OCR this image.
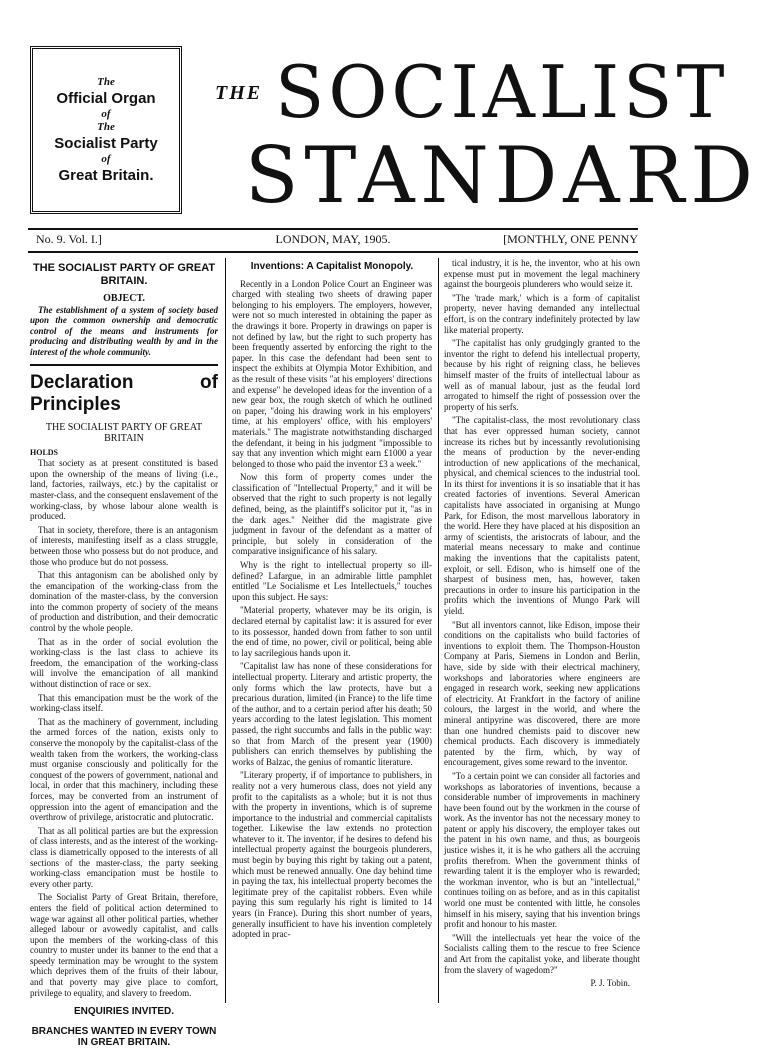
The
Official Organ
of
The
Socialist Party
of
Great Britain.
THE SOCIALIST
STANDARD
LONDON, MAY, 1905.
No. 9. Vol. I.]	[MONTHLY, ONE PENNY
THE SOCIALIST PARTY OF GREAT BRITAIN.
OBJECT.

The establishment of a system of society based upon the common ownership and democratic control of the means and instruments for producing and distributing wealth by and in the interest of the whole community.

Declaration of Principles
THE SOCIALIST PARTY OF GREAT BRITAIN
HOLDS

That society as at present constituted is based upon the ownership of the means of living (i.e., land, factories, railways, etc.) by the capitalist or master-class, and the consequent enslavement of the working-class, by whose labour alone wealth is produced.

That in society, therefore, there is an antagonism of interests, manifesting itself as a class struggle, between those who possess but do not produce, and those who produce but do not possess.

That this antagonism can be abolished only by the emancipation of the working-class from the domination of the master-class, by the conversion into the common property of society of the means of production and distribution, and their democratic control by the whole people.

That as in the order of social evolution the working-class is the last class to achieve its freedom, the emancipation of the working-class will involve the emancipation of all mankind without distinction of race or sex.

That this emancipation must be the work of the working-class itself.

That as the machinery of government, including the armed forces of the nation, exists only to conserve the monopoly by the capitalist-class of the wealth taken from the workers, the working-class must organise consciously and politically for the conquest of the powers of government, national and local, in order that this machinery, including these forces, may be converted from an instrument of oppression into the agent of emancipation and the overthrow of privilege, aristocratic and plutocratic.

That as all political parties are but the expression of class interests, and as the interest of the working-class is diametrically opposed to the interests of all sections of the master-class, the party seeking working-class emancipation must be hostile to every other party.

The Socialist Party of Great Britain, therefore, enters the field of political action determined to wage war against all other political parties, whether alleged labour or avowedly capitalist, and calls upon the members of the working-class of this country to muster under its banner to the end that a speedy termination may be wrought to the system which deprives them of the fruits of their labour, and that poverty may give place to comfort, privilege to equality, and slavery to freedom.

ENQUIRIES INVITED.
BRANCHES WANTED IN EVERY TOWN IN GREAT BRITAIN.
Inventions: A Capitalist Monopoly.

Recently in a London Police Court an Engineer was charged with stealing two sheets of drawing paper belonging to his employers. The employers, however, were not so much interested in obtaining the paper as the drawings it bore. Property in drawings on paper is not defined by law, but the right to such property has been frequently asserted by enforcing the right to the paper. In this case the defendant had been sent to inspect the exhibits at Olympia Motor Exhibition, and as the result of these visits "at his employers' directions and expense" he developed ideas for the invention of a new gear box, the rough sketch of which he outlined on paper, "doing his drawing work in his employers' time, at his employers' office, with his employers' materials." The magistrate notwithstanding discharged the defendant, it being in his judgment "impossible to say that any invention which might earn £1000 a year belonged to those who paid the inventor £3 a week."

Now this form of property comes under the classification of "Intellectual Property," and it will be observed that the right to such property is not legally defined, being, as the plaintiff's solicitor put it, "as in the dark ages." Neither did the magistrate give judgment in favour of the defendant as a matter of principle, but solely in consideration of the comparative insignificance of his salary.

Why is the right to intellectual property so ill-defined? Lafargue, in an admirable little pamphlet entitled "Le Socialisme et Les Intellectuels," touches upon this subject. He says:

"Material property, whatever may be its origin, is declared eternal by capitalist law: it is assured for ever to its possessor, handed down from father to son until the end of time, no power, civil or political, being able to lay sacrilegious hands upon it.

"Capitalist law has none of these considerations for intellectual property. Literary and artistic property, the only forms which the law protects, have but a precarious duration, limited (in France) to the life time of the author, and to a certain period after his death; 50 years according to the latest legislation. This moment passed, the right succumbs and falls in the public way: so that from March of the present year (1900) publishers can enrich themselves by publishing the works of Balzac, the genius of romantic literature.

"Literary property, if of importance to publishers, in reality not a very humerous class, does not yield any profit to the capitalists as a whole; but it is not thus with the property in inventions, which is of supreme importance to the industrial and commercial capitalists together. Likewise the law extends no protection whatever to it. The inventor, if he desires to defend his intellectual property against the bourgeois plunderers, must begin by buying this right by taking out a patent, which must be renewed annually. One day behind time in paying the tax, his intellectual property becomes the legitimate prey of the capitalist robbers. Even while paying this sum regularly his right is limited to 14 years (in France). During this short number of years, generally insufficient to have his invention completely adopted in prac-

tical industry, it is he, the inventor, who at his own expense must put in movement the legal machinery against the bourgeois plunderers who would seize it.

"The 'trade mark,' which is a form of capitalist property, never having demanded any intellectual effort, is on the contrary indefinitely protected by law like material property.

"The capitalist has only grudgingly granted to the inventor the right to defend his intellectual property, because by his right of reigning class, he believes himself master of the fruits of intellectual labour as well as of manual labour, just as the feudal lord arrogated to himself the right of possession over the property of his serfs.

"The capitalist-class, the most revolutionary class that has ever oppressed human society, cannot increase its riches but by incessantly revolutionising the means of production by the never-ending introduction of new applications of the mechanical, physical, and chemical sciences to the industrial tool. In its thirst for inventions it is so insatiable that it has created factories of inventions. Several American capitalists have associated in organising at Mungo Park, for Edison, the most marvellous laboratory in the world. Here they have placed at his disposition an army of scientists, the aristocrats of labour, and the material means necessary to make and continue making the inventions that the capitalists patent, exploit, or sell. Edison, who is himself one of the sharpest of business men, has, however, taken precautions in order to insure his participation in the profits which the inventions of Mungo Park will yield.

"But all inventors cannot, like Edison, impose their conditions on the capitalists who build factories of inventions to exploit them. The Thompson-Houston Company at Paris, Siemens in London and Berlin, have, side by side with their electrical machinery, workshops and laboratories where engineers are engaged in research work, seeking new applications of electricity. At Frankfort in the factory of aniline colours, the largest in the world, and where the mineral antipyrine was discovered, there are more than one hundred chemists paid to discover new chemical products. Each discovery is immediately patented by the firm, which, by way of encouragement, gives some reward to the inventor.

"To a certain point we can consider all factories and workshops as laboratories of inventions, because a considerable number of improvements in machinery have been found out by the workmen in the course of work. As the inventor has not the necessary money to patent or apply his discovery, the employer takes out the patent in his own name, and thus, as bourgeois justice wishes it, it is he who gathers all the accruing profits therefrom. When the government thinks of rewarding talent it is the employer who is rewarded; the workman inventor, who is but an "intellectual," continues toiling on as before, and as in this capitalist world one must be contented with little, he consoles himself in his misery, saying that his invention brings profit and honour to his master.

"Will the intellectuals yet hear the voice of the Socialists calling them to the rescue to free Science and Art from the capitalist yoke, and liberate thought from the slavery of wagedom?"

P. J. Tobin.
